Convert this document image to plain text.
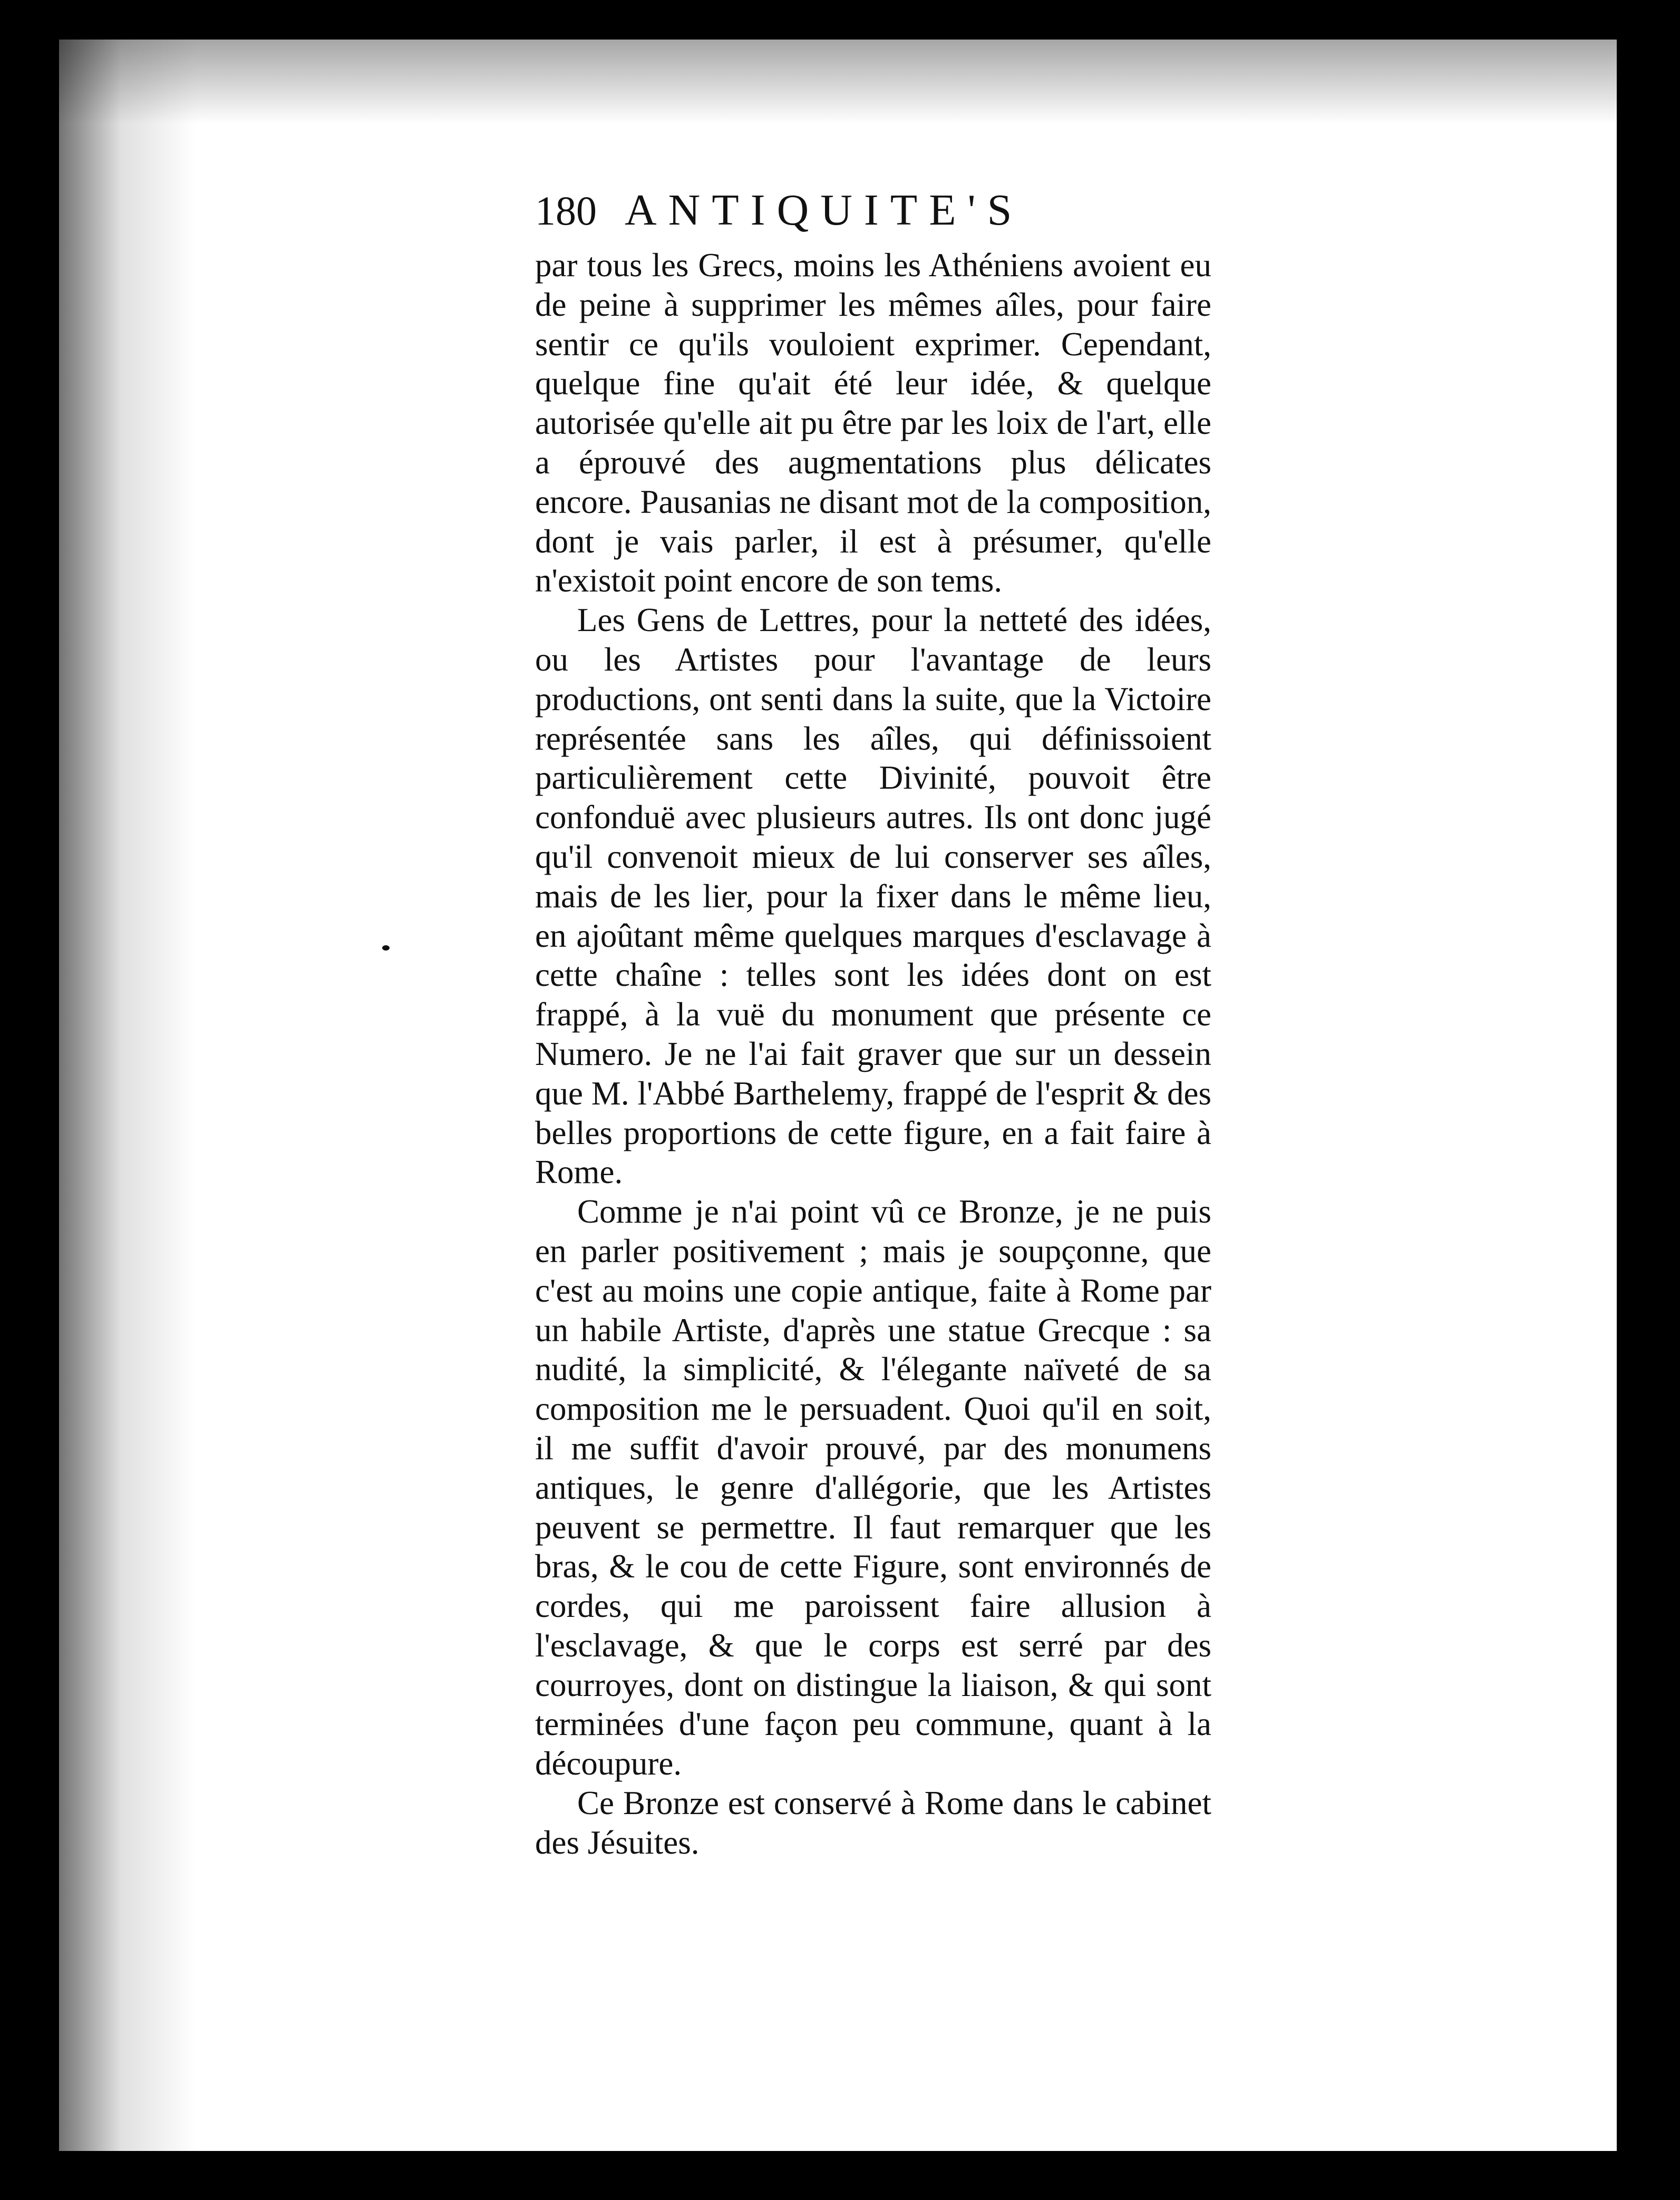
180 ANTIQUITE'S

par tous les Grecs, moins les Athéniens avoient eu de peine à supprimer les mêmes aîles, pour faire sentir ce qu'ils vouloient exprimer. Cependant, quelque fine qu'ait été leur idée, & quelque autorisée qu'elle ait pu être par les loix de l'art, elle a éprouvé des augmentations plus délicates encore. Pausanias ne disant mot de la composition, dont je vais parler, il est à présumer, qu'elle n'existoit point encore de son tems.

Les Gens de Lettres, pour la netteté des idées, ou les Artistes pour l'avantage de leurs productions, ont senti dans la suite, que la Victoire représentée sans les aîles, qui définissoient particulièrement cette Divinité, pouvoit être confonduë avec plusieurs autres. Ils ont donc jugé qu'il convenoit mieux de lui conserver ses aîles, mais de les lier, pour la fixer dans le même lieu, en ajoûtant même quelques marques d'esclavage à cette chaîne : telles sont les idées dont on est frappé, à la vuë du monument que présente ce Numero. Je ne l'ai fait graver que sur un dessein que M. l'Abbé Barthelemy, frappé de l'esprit & des belles proportions de cette figure, en a fait faire à Rome.

Comme je n'ai point vû ce Bronze, je ne puis en parler positivement ; mais je soupçonne, que c'est au moins une copie antique, faite à Rome par un habile Artiste, d'après une statue Grecque : sa nudité, la simplicité, & l'élegante naïveté de sa composition me le persuadent. Quoi qu'il en soit, il me suffit d'avoir prouvé, par des monumens antiques, le genre d'allégorie, que les Artistes peuvent se permettre. Il faut remarquer que les bras, & le cou de cette Figure, sont environnés de cordes, qui me paroissent faire allusion à l'esclavage, & que le corps est serré par des courroyes, dont on distingue la liaison, & qui sont terminées d'une façon peu commune, quant à la découpure.

Ce Bronze est conservé à Rome dans le cabinet des Jésuites.
